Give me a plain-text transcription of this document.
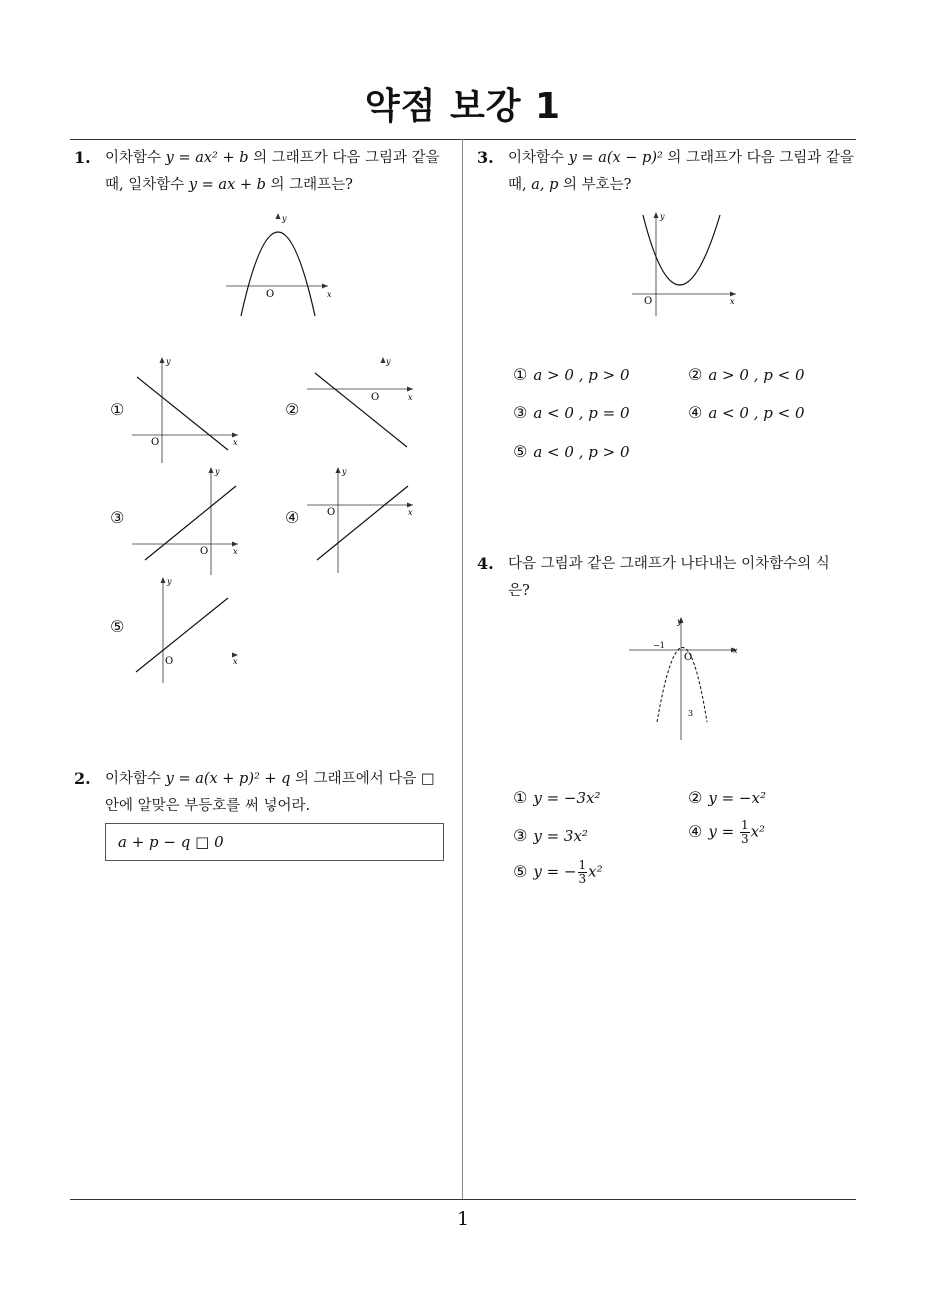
약점 보강 1
1
1. 이차함수 y = ax² + b 의 그래프가 다음 그림과 같을
때, 일차함수 y = ax + b 의 그래프는?
y
x
O
①	②
③	④
⑤
y
x
O
y
x
O
y
x
O
y
x
O
y
x
O
2. 이차함수 y = a(x + p)² + q 의 그래프에서 다음 □
안에 알맞은 부등호를 써 넣어라.
a + p − q □ 0
3. 이차함수 y = a(x − p)² 의 그래프가 다음 그림과 같을
때, a, p 의 부호는?
y
x
O
① a > 0 , p > 0	② a > 0 , p < 0
③ a < 0 , p = 0	④ a < 0 , p < 0
⑤ a < 0 , p > 0
4. 다음 그림과 같은 그래프가 나타내는 이차함수의 식
은?
y
x
−1
O
3
① y = −3x²	② y = −x²
③ y = 3x²	④ $y = \frac{1}{3} x^2$
⑤ y = − $\frac{1}{3} x^2$
